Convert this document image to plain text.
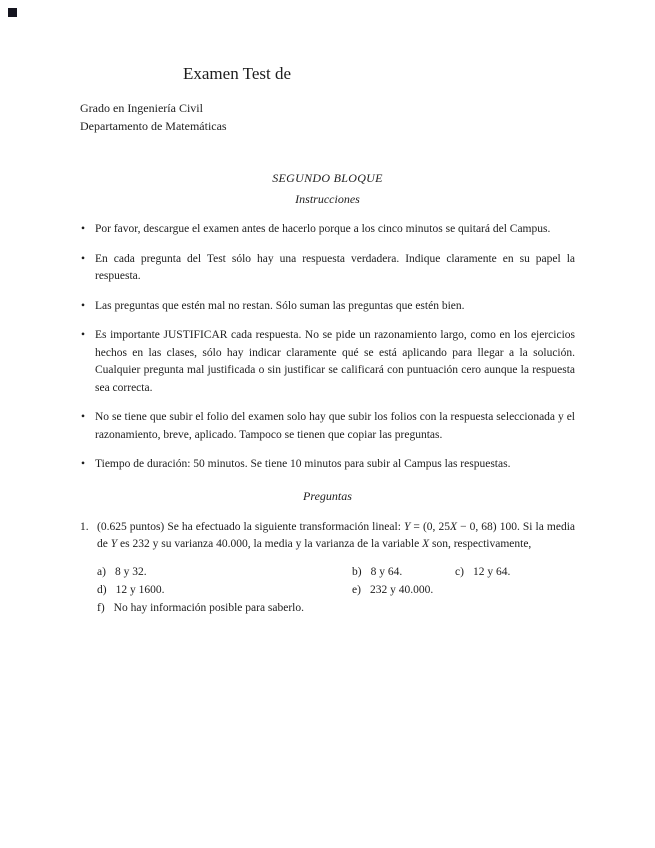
Examen Test de

Grado en Ingeniería Civil

Departamento de Matemáticas

SEGUNDO BLOQUE
Instrucciones
• Por favor, descargue el examen antes de hacerlo porque a los cinco minutos se quitará del Campus.
• En cada pregunta del Test sólo hay una respuesta verdadera. Indique claramente en su papel la respuesta.
• Las preguntas que estén mal no restan. Sólo suman las preguntas que estén bien.
• Es importante JUSTIFICAR cada respuesta. No se pide un razonamiento largo, como en los ejercicios hechos en las clases, sólo hay indicar claramente qué se está aplicando para llegar a la solución. Cualquier pregunta mal justificada o sin justificar se calificará con puntuación cero aunque la respuesta sea correcta.
• No se tiene que subir el folio del examen solo hay que subir los folios con la respuesta seleccionada y el razonamiento, breve, aplicado. Tampoco se tienen que copiar las preguntas.
• Tiempo de duración: 50 minutos. Se tiene 10 minutos para subir al Campus las respuestas.
Preguntas
1. (0.625 puntos) Se ha efectuado la siguiente transformación lineal: Y = (0, 25X − 0, 68) 100. Si la media de Y es 232 y su varianza 40.000, la media y la varianza de la variable X son, respectivamente,

a) 8 y 32.	b) 8 y 64.	c) 12 y 64.
d) 12 y 1600.	e) 232 y 40.000.
f) No hay información posible para saberlo.
